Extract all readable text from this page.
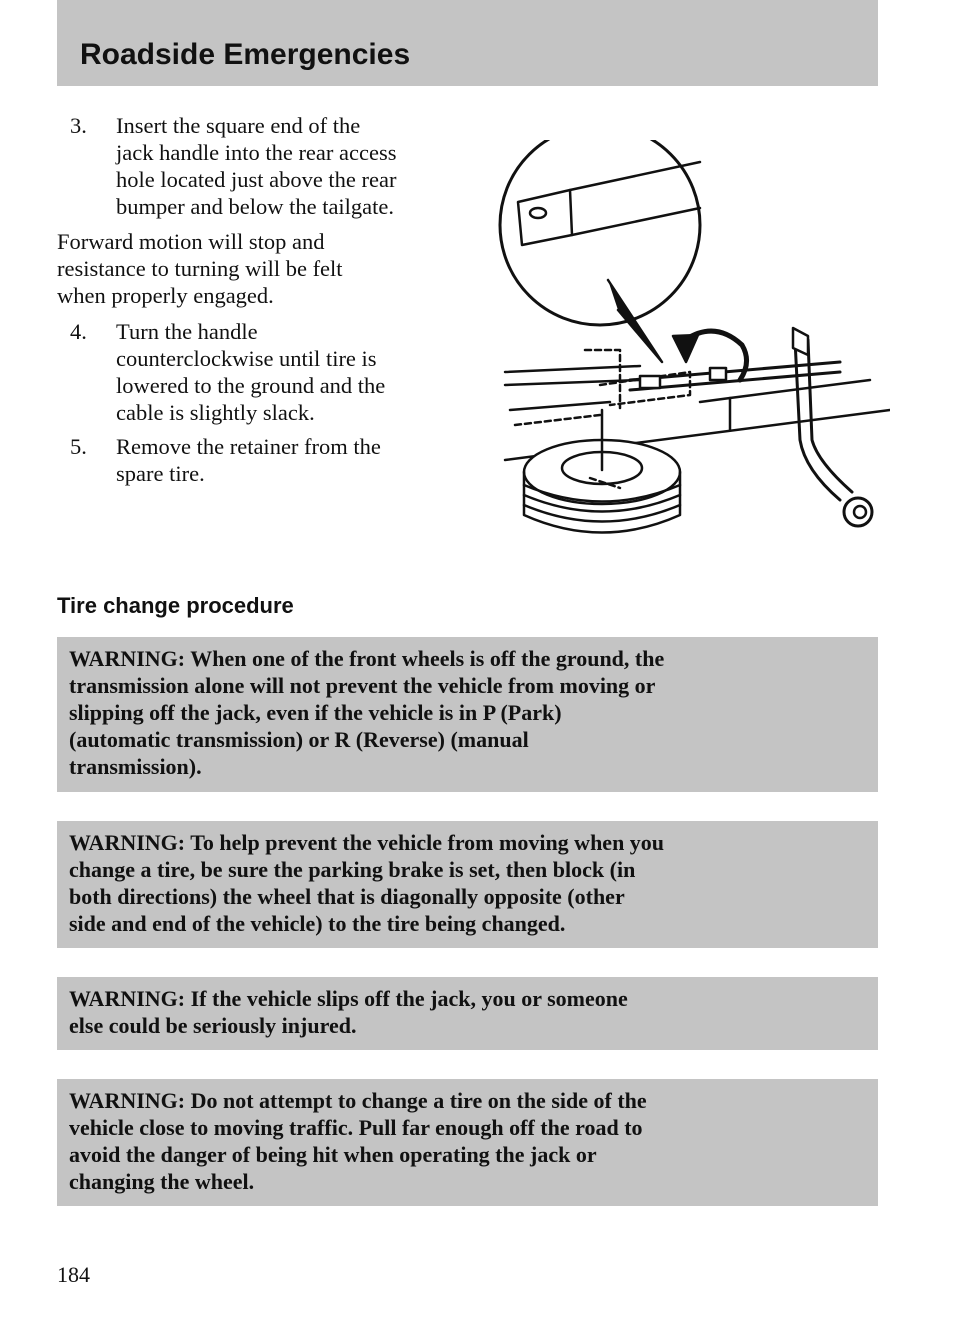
Roadside Emergencies
3. Insert the square end of the
jack handle into the rear access
hole located just above the rear
bumper and below the tailgate.
Forward motion will stop and
resistance to turning will be felt
when properly engaged.
4. Turn the handle
counterclockwise until tire is
lowered to the ground and the
cable is slightly slack.
5. Remove the retainer from the
spare tire.
Tire change procedure
WARNING: When one of the front wheels is off the ground, the
transmission alone will not prevent the vehicle from moving or
slipping off the jack, even if the vehicle is in P (Park)
(automatic transmission) or R (Reverse) (manual
transmission).
WARNING: To help prevent the vehicle from moving when you
change a tire, be sure the parking brake is set, then block (in
both directions) the wheel that is diagonally opposite (other
side and end of the vehicle) to the tire being changed.
WARNING: If the vehicle slips off the jack, you or someone
else could be seriously injured.
WARNING: Do not attempt to change a tire on the side of the
vehicle close to moving traffic. Pull far enough off the road to
avoid the danger of being hit when operating the jack or
changing the wheel.
184
